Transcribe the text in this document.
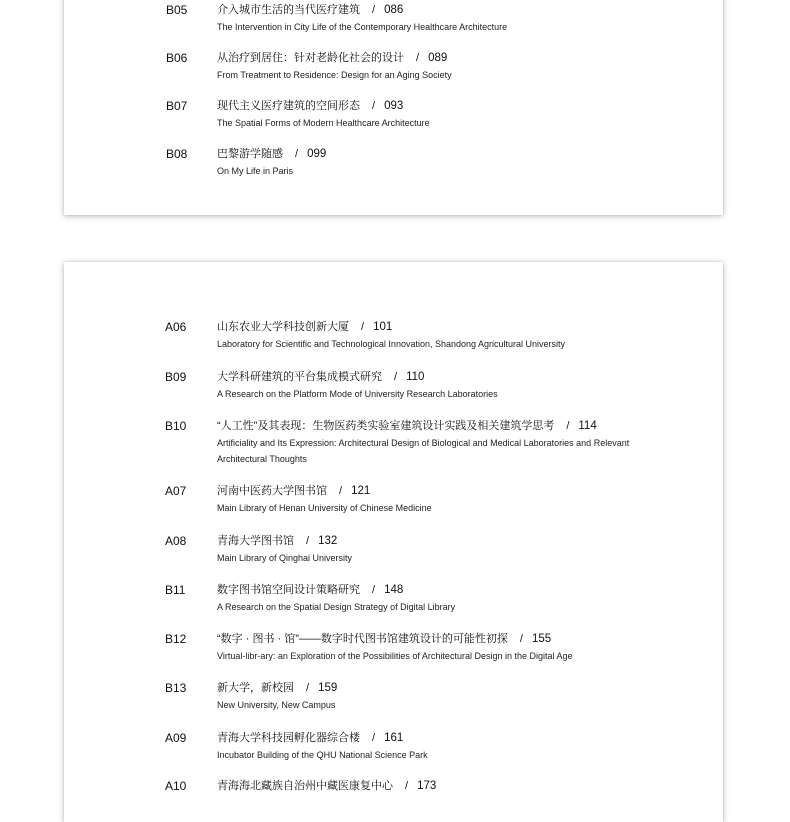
B05	介入城市生活的当代医疗建筑 / 086
The Intervention in City Life of the Contemporary Healthcare Architecture
B06	从治疗到居住：针对老龄化社会的设计 / 089
From Treatment to Residence: Design for an Aging Society
B07	现代主义医疗建筑的空间形态 / 093
The Spatial Forms of Modern Healthcare Architecture
B08	巴黎游学随感 / 099
On My Life in Paris
A06	山东农业大学科技创新大厦 / 101
Laboratory for Scientific and Technological Innovation, Shandong Agricultural University
B09	大学科研建筑的平台集成模式研究 / 110
A Research on the Platform Mode of University Research Laboratories
B10	“人工性”及其表现：生物医药类实验室建筑设计实践及相关建筑学思考 / 114
Artificiality and Its Expression: Architectural Design of Biological and Medical Laboratories and Relevant Architectural Thoughts
A07	河南中医药大学图书馆 / 121
Main Library of Henan University of Chinese Medicine
A08	青海大学图书馆 / 132
Main Library of Qinghai University
B11	数字图书馆空间设计策略研究 / 148
A Research on the Spatial Design Strategy of Digital Library
B12	“数字 · 图书 · 馆”——数字时代图书馆建筑设计的可能性初探 / 155
Virtual-libr-ary: an Exploration of the Possibilities of Architectural Design in the Digital Age
B13	新大学，新校园 / 159
New University, New Campus
A09	青海大学科技园孵化器综合楼 / 161
Incubator Building of the QHU National Science Park
A10	青海海北藏族自治州中藏医康复中心 / 173
